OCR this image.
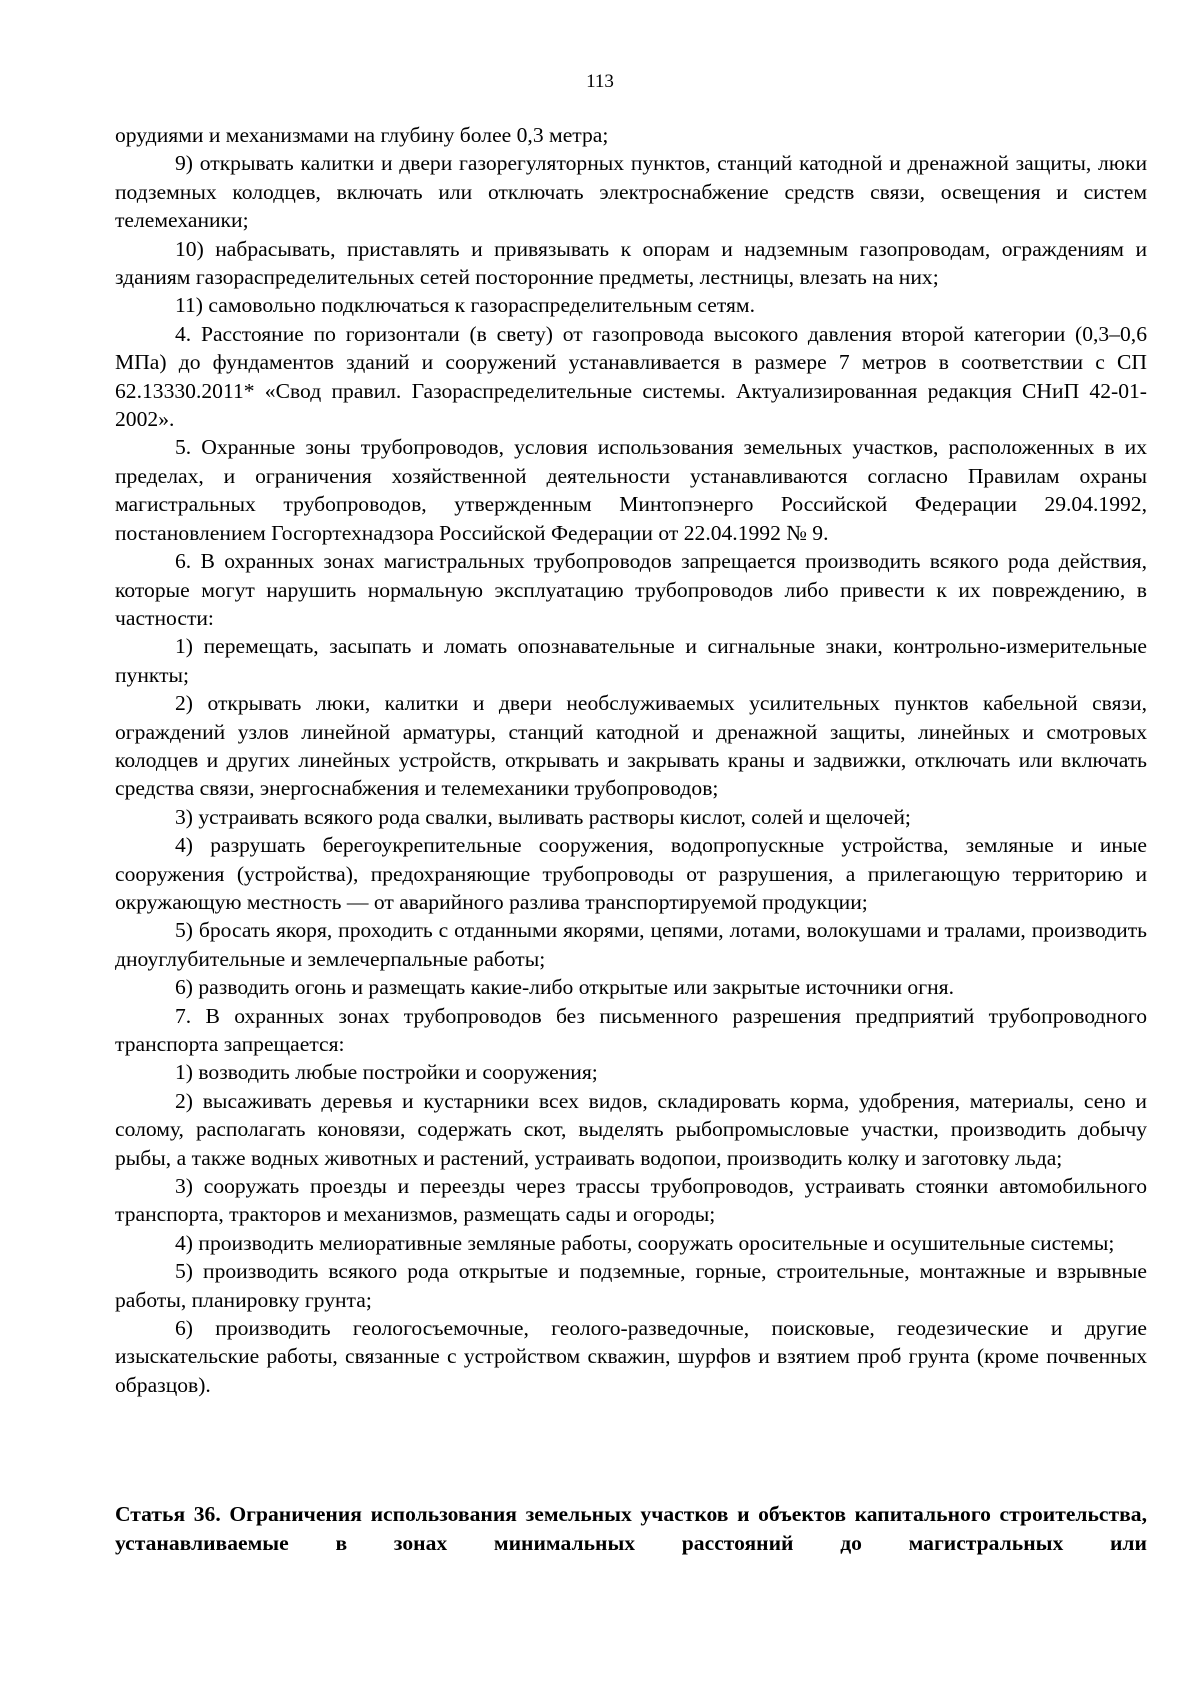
113

орудиями и механизмами на глубину более 0,3 метра;

9) открывать калитки и двери газорегуляторных пунктов, станций катодной и дренажной защиты, люки подземных колодцев, включать или отключать электроснабжение средств связи, освещения и систем телемеханики;

10) набрасывать, приставлять и привязывать к опорам и надземным газопроводам, ограждениям и зданиям газораспределительных сетей посторонние предметы, лестницы, влезать на них;

11) самовольно подключаться к газораспределительным сетям.

4. Расстояние по горизонтали (в свету) от газопровода высокого давления второй категории (0,3–0,6 МПа) до фундаментов зданий и сооружений устанавливается в размере 7 метров в соответствии с СП 62.13330.2011* «Свод правил. Газораспределительные системы. Актуализированная редакция СНиП 42-01-2002».

5. Охранные зоны трубопроводов, условия использования земельных участков, расположенных в их пределах, и ограничения хозяйственной деятельности устанавливаются согласно Правилам охраны магистральных трубопроводов, утвержденным Минтопэнерго Российской Федерации 29.04.1992, постановлением Госгортехнадзора Российской Федерации от 22.04.1992 № 9.

6. В охранных зонах магистральных трубопроводов запрещается производить всякого рода действия, которые могут нарушить нормальную эксплуатацию трубопроводов либо привести к их повреждению, в частности:

1) перемещать, засыпать и ломать опознавательные и сигнальные знаки, контрольно-измерительные пункты;

2) открывать люки, калитки и двери необслуживаемых усилительных пунктов кабельной связи, ограждений узлов линейной арматуры, станций катодной и дренажной защиты, линейных и смотровых колодцев и других линейных устройств, открывать и закрывать краны и задвижки, отключать или включать средства связи, энергоснабжения и телемеханики трубопроводов;

3) устраивать всякого рода свалки, выливать растворы кислот, солей и щелочей;

4) разрушать берегоукрепительные сооружения, водопропускные устройства, земляные и иные сооружения (устройства), предохраняющие трубопроводы от разрушения, а прилегающую территорию и окружающую местность — от аварийного разлива транспортируемой продукции;

5) бросать якоря, проходить с отданными якорями, цепями, лотами, волокушами и тралами, производить дноуглубительные и землечерпальные работы;

6) разводить огонь и размещать какие-либо открытые или закрытые источники огня.

7. В охранных зонах трубопроводов без письменного разрешения предприятий трубопроводного транспорта запрещается:

1) возводить любые постройки и сооружения;

2) высаживать деревья и кустарники всех видов, складировать корма, удобрения, материалы, сено и солому, располагать коновязи, содержать скот, выделять рыбопромысловые участки, производить добычу рыбы, а также водных животных и растений, устраивать водопои, производить колку и заготовку льда;

3) сооружать проезды и переезды через трассы трубопроводов, устраивать стоянки автомобильного транспорта, тракторов и механизмов, размещать сады и огороды;

4) производить мелиоративные земляные работы, сооружать оросительные и осушительные системы;

5) производить всякого рода открытые и подземные, горные, строительные, монтажные и взрывные работы, планировку грунта;

6) производить геологосъемочные, геолого-разведочные, поисковые, геодезические и другие изыскательские работы, связанные с устройством скважин, шурфов и взятием проб грунта (кроме почвенных образцов).

Статья 36. Ограничения использования земельных участков и объектов капитального строительства, устанавливаемые в зонах минимальных расстояний до магистральных или
